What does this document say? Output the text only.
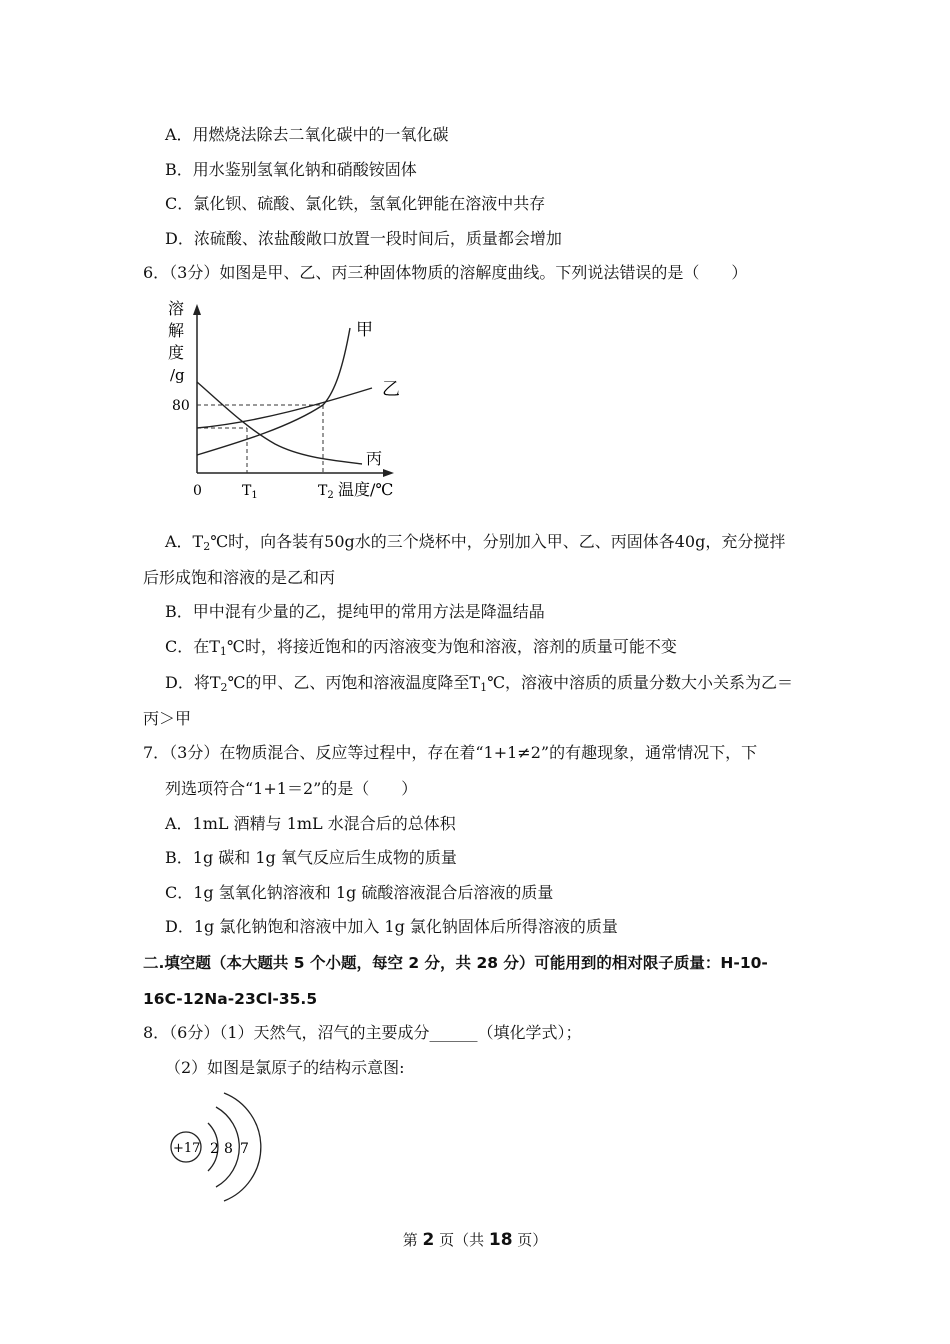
A．用燃烧法除去二氧化碳中的一氧化碳
B．用水鉴别氢氧化钠和硝酸铵固体
C．氯化钡、硫酸、氯化铁，氢氧化钾能在溶液中共存
D．浓硫酸、浓盐酸敞口放置一段时间后，质量都会增加
6．（3分）如图是甲、乙、丙三种固体物质的溶解度曲线。下列说法错误的是（　　）
溶
解
度
/g
80
甲
乙
丙
0	$T_1$	$T_2$ 温度/℃
A．$T_2℃$时，向各装有50g水的三个烧杯中，分别加入甲、乙、丙固体各40g，充分搅拌
后形成饱和溶液的是乙和丙
B．甲中混有少量的乙，提纯甲的常用方法是降温结晶
C．在$T_1℃$时，将接近饱和的丙溶液变为饱和溶液，溶剂的质量可能不变
D．将$T_2℃$的甲、乙、丙饱和溶液温度降至$T_1℃$，溶液中溶质的质量分数大小关系为乙＝
丙＞甲
7．（3分）在物质混合、反应等过程中，存在着“1+1≠2”的有趣现象，通常情况下，下
列选项符合“1+1＝2”的是（　　）
A．1mL 酒精与 1mL 水混合后的总体积
B．1g 碳和 1g 氧气反应后生成物的质量
C．1g 氢氧化钠溶液和 1g 硫酸溶液混合后溶液的质量
D．1g 氯化钠饱和溶液中加入 1g 氯化钠固体后所得溶液的质量
二.填空题（本大题共 5 个小题，每空 2 分，共 28 分）可能用到的相对限子质量：H-10-
16C-12Na-23Cl-35.5
8．（6分）（1）天然气，沼气的主要成分______（填化学式）；
（2）如图是氯原子的结构示意图:
+17 2 8 7
第 2 页（共 18 页）
